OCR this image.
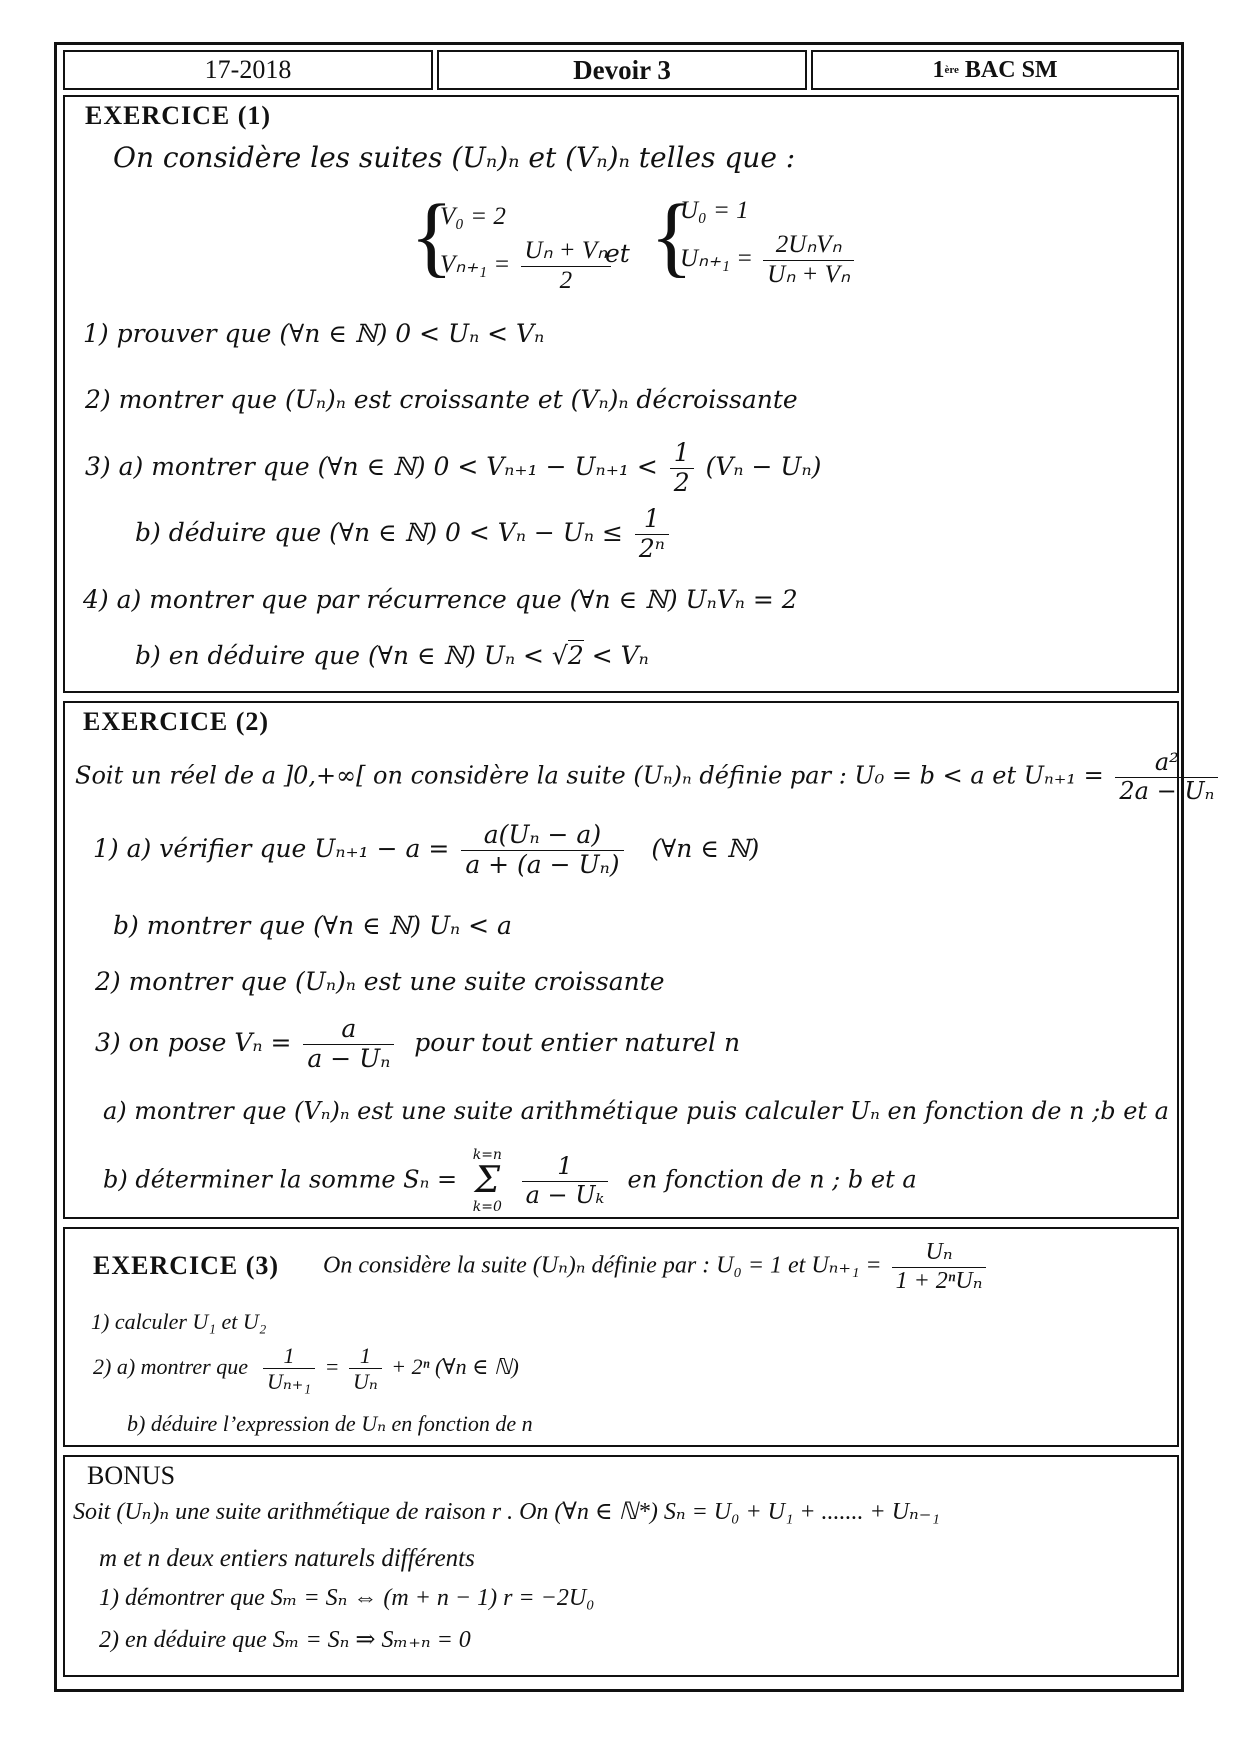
17-2018	Devoir 3	1 ère
BAC SM
EXERCICE (1)
On considère les suites (Uₙ)ₙ et (Vₙ)ₙ telles que :
{
V₀ = 2
$V_{n+1} = \frac{\text{Uₙ + Vₙ}}{2}$
et {
U₀ = 1
$U_{n+1} = \frac{\text{2UₙVₙ}}{\text{Uₙ + Vₙ}}$
1) prouver que (∀n ∈ ℕ) 0 < Uₙ < Vₙ
2) montrer que (Uₙ)ₙ est croissante et (Vₙ)ₙ décroissante
3) a) montrer que (∀n ∈ ℕ) $0 < V_{n+1} - U_{n+1} < \frac{1}{2} (V_n - U_n)$
b) déduire que (∀n ∈ ℕ) $0 < V_n - U_n \le \frac{1}{\text{2ⁿ}}$
4) a) montrer que par récurrence que (∀n ∈ ℕ) UₙVₙ = 2
b) en déduire que (∀n ∈ ℕ) Uₙ < √2 < Vₙ
EXERCICE (2)
Soit un réel de a ]0,+∞[ on considère la suite (Uₙ)ₙ définie par : U₀ = b < a et $U_{n+1} = \frac{\text{a²}}{\text{2a − Uₙ}}$
1) a) vérifier que $U_{n+1} - a = \frac{\text{a(Uₙ − a)}}{\text{a + (a − Uₙ)}}$ (∀n ∈ ℕ)
b) montrer que (∀n ∈ ℕ) Uₙ < a
2) montrer que (Uₙ)ₙ est une suite croissante
3) on pose $V_n = \frac{a}{\text{a − Uₙ}}$ pour tout entier naturel n
a) montrer que (Vₙ)ₙ est une suite arithmétique puis calculer Uₙ en fonction de n ;b et a
b) déterminer la somme Sₙ =
k=n
Σ
k=0
$\frac{1}{\text{a − Uₖ}}$ en fonction de n ; b et a
EXERCICE (3) On considère la suite (Uₙ)ₙ définie par : U₀ = 1 et $U_{n+1} = \frac{\text{Uₙ}}{\text{1 + 2ⁿUₙ}}$
1) calculer U₁ et U₂
2) a) montrer que $\frac{1}{\text{Uₙ₊₁}} = \frac{1}{\text{Uₙ}} + 2^n$ (∀n ∈ ℕ)
b) déduire l’expression de Uₙ en fonction de n
BONUS
Soit (Uₙ)ₙ une suite arithmétique de raison r . On (∀n ∈ ℕ*) Sₙ = U₀ + U₁ + ....... + Uₙ₋₁
m et n deux entiers naturels différents
1) démontrer que Sₘ = Sₙ ⇔ (m + n − 1) r = −2U₀
2) en déduire que Sₘ = Sₙ ⇒ Sₘ₊ₙ = 0
